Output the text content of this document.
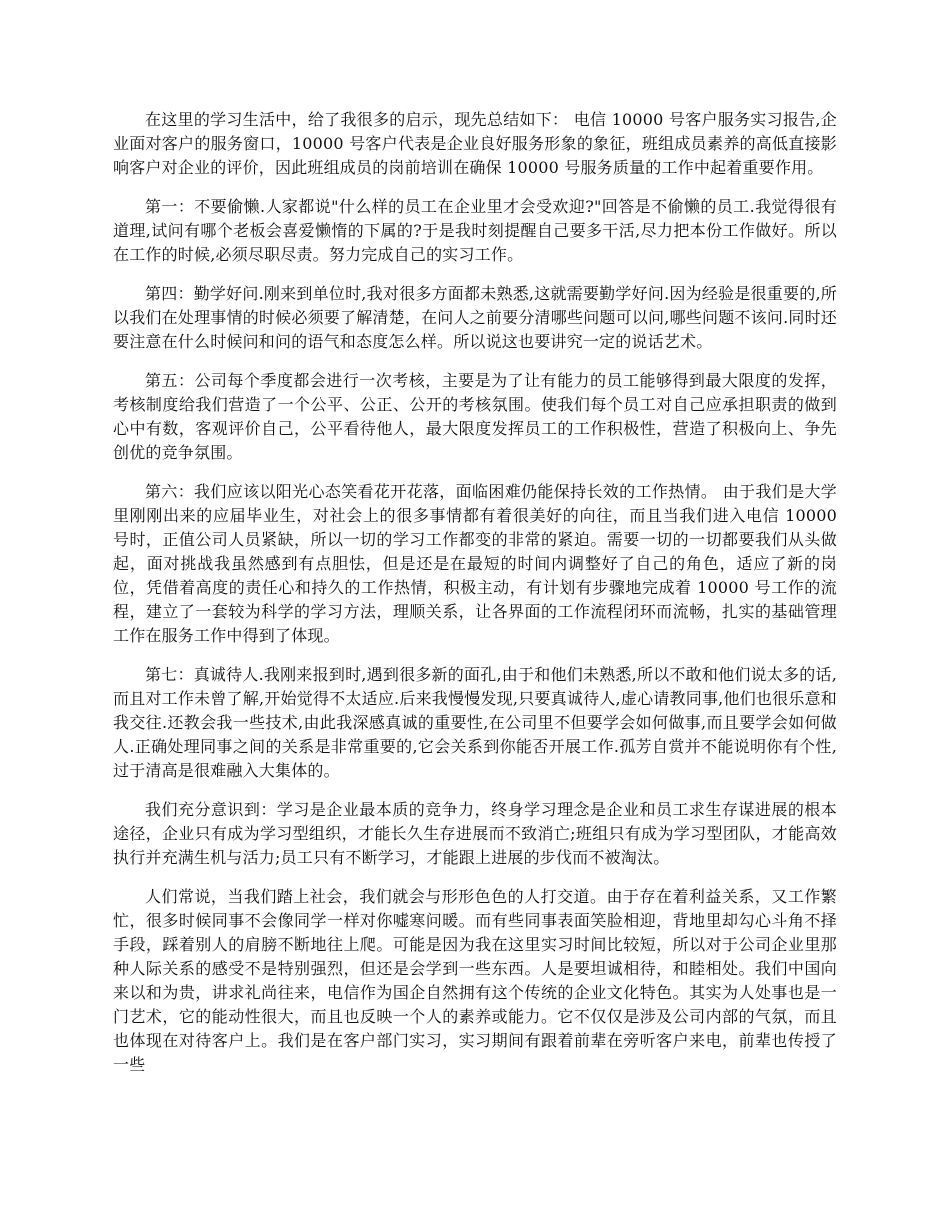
在这里的学习生活中，给了我很多的启示，现先总结如下： 电信 10000 号客户服务实习报告,企业面对客户的服务窗口，10000 号客户代表是企业良好服务形象的象征，班组成员素养的高低直接影响客户对企业的评价，因此班组成员的岗前培训在确保 10000 号服务质量的工作中起着重要作用。

第一：不要偷懒.人家都说"什么样的员工在企业里才会受欢迎?"回答是不偷懒的员工.我觉得很有道理,试问有哪个老板会喜爱懒惰的下属的?于是我时刻提醒自己要多干活,尽力把本份工作做好。所以在工作的时候,必须尽职尽责。努力完成自己的实习工作。

第四：勤学好问.刚来到单位时,我对很多方面都未熟悉,这就需要勤学好问.因为经验是很重要的,所以我们在处理事情的时候必须要了解清楚，在问人之前要分清哪些问题可以问,哪些问题不该问.同时还要注意在什么时候问和问的语气和态度怎么样。所以说这也要讲究一定的说话艺术。

第五：公司每个季度都会进行一次考核，主要是为了让有能力的员工能够得到最大限度的发挥，考核制度给我们营造了一个公平、公正、公开的考核氛围。使我们每个员工对自己应承担职责的做到心中有数，客观评价自己，公平看待他人，最大限度发挥员工的工作积极性，营造了积极向上、争先创优的竞争氛围。

第六：我们应该以阳光心态笑看花开花落，面临困难仍能保持长效的工作热情。 由于我们是大学里刚刚出来的应届毕业生，对社会上的很多事情都有着很美好的向往，而且当我们进入电信 10000 号时，正值公司人员紧缺，所以一切的学习工作都变的非常的紧迫。需要一切的一切都要我们从头做起，面对挑战我虽然感到有点胆怯，但是还是在最短的时间内调整好了自己的角色，适应了新的岗位，凭借着高度的责任心和持久的工作热情，积极主动，有计划有步骤地完成着 10000 号工作的流程，建立了一套较为科学的学习方法，理顺关系，让各界面的工作流程闭环而流畅，扎实的基础管理工作在服务工作中得到了体现。

第七：真诚待人.我刚来报到时,遇到很多新的面孔,由于和他们未熟悉,所以不敢和他们说太多的话,而且对工作未曾了解,开始觉得不太适应.后来我慢慢发现,只要真诚待人,虚心请教同事,他们也很乐意和我交往.还教会我一些技术,由此我深感真诚的重要性,在公司里不但要学会如何做事,而且要学会如何做人.正确处理同事之间的关系是非常重要的,它会关系到你能否开展工作.孤芳自赏并不能说明你有个性,过于清高是很难融入大集体的。

我们充分意识到：学习是企业最本质的竞争力，终身学习理念是企业和员工求生存谋进展的根本途径，企业只有成为学习型组织，才能长久生存进展而不致消亡;班组只有成为学习型团队，才能高效执行并充满生机与活力;员工只有不断学习，才能跟上进展的步伐而不被淘汰。

人们常说，当我们踏上社会，我们就会与形形色色的人打交道。由于存在着利益关系，又工作繁忙，很多时候同事不会像同学一样对你嘘寒问暖。而有些同事表面笑脸相迎，背地里却勾心斗角不择手段，踩着别人的肩膀不断地往上爬。可能是因为我在这里实习时间比较短，所以对于公司企业里那种人际关系的感受不是特别强烈，但还是会学到一些东西。人是要坦诚相待，和睦相处。我们中国向来以和为贵，讲求礼尚往来，电信作为国企自然拥有这个传统的企业文化特色。其实为人处事也是一门艺术，它的能动性很大，而且也反映一个人的素养或能力。它不仅仅是涉及公司内部的气氛，而且也体现在对待客户上。我们是在客户部门实习，实习期间有跟着前辈在旁听客户来电，前辈也传授了一些
